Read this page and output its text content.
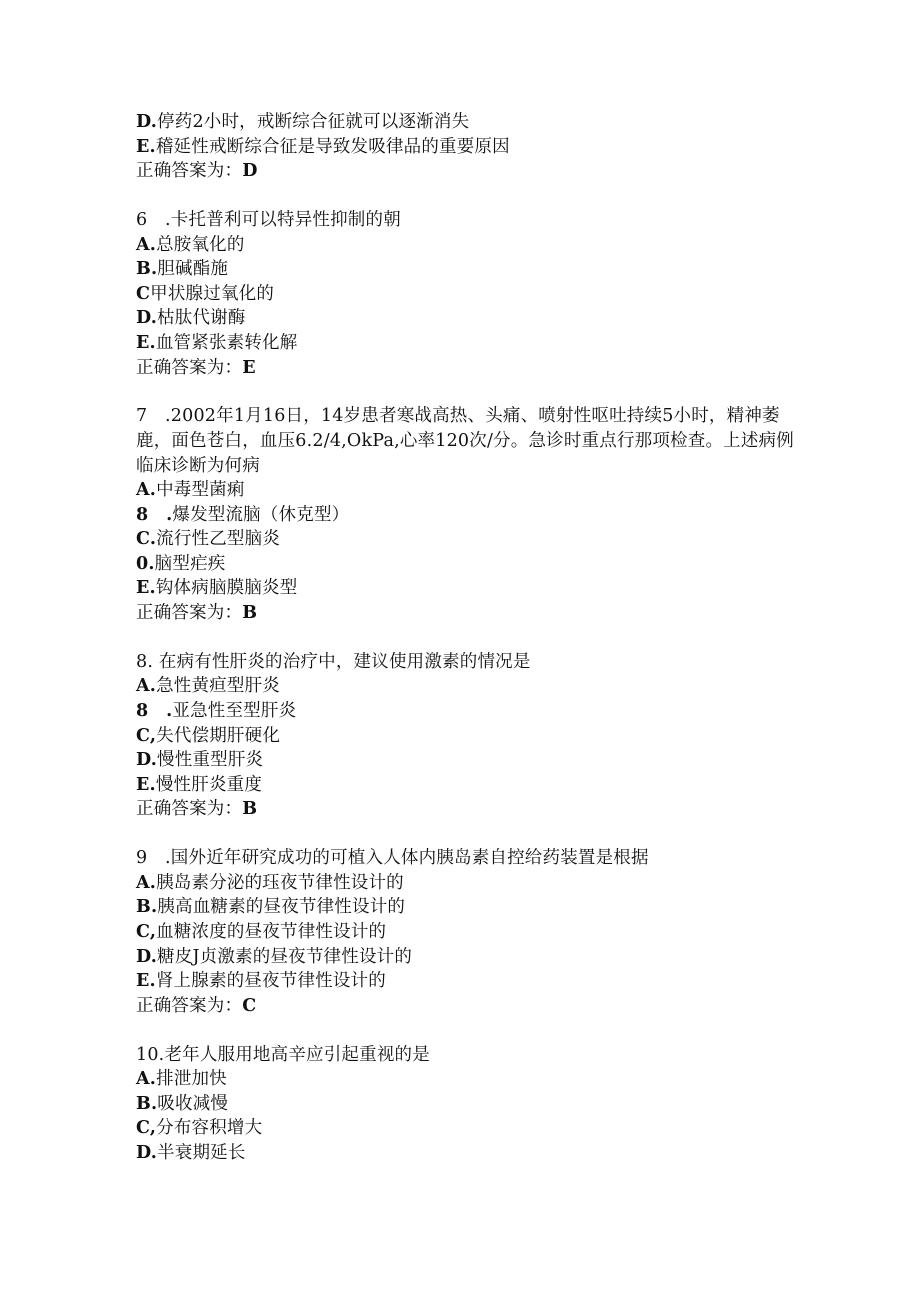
D.停药2小时，戒断综合征就可以逐渐消失
E.稽延性戒断综合征是导致发吸律品的重要原因
正确答案为：D
6　.卡托普利可以特异性抑制的朝
A.总胺氧化的
B.胆碱酯施
C甲状腺过氧化的
D.枯肽代谢酶
E.血管紧张素转化解
正确答案为：E
7　.2002年1月16日，14岁患者寒战高热、头痛、喷射性呕吐持续5小时，精神萎鹿，面色苍白，血压6.2/4,OkPa,心率120次/分。急诊时重点行那项检查。上述病例临床诊断为何病
A.中毒型菌痢
8　.爆发型流脑（休克型）
C.流行性乙型脑炎
0.脑型疟疾
E.钩体病脑膜脑炎型
正确答案为：B
8. 在病有性肝炎的治疗中，建议使用激素的情况是
A.急性黄疸型肝炎
8　.亚急性至型肝炎
C,失代偿期肝硬化
D.慢性重型肝炎
E.慢性肝炎重度
正确答案为：B
9　.国外近年研究成功的可植入人体内胰岛素自控给药装置是根据
A.胰岛素分泌的珏夜节律性设计的
B.胰高血糖素的昼夜节律性设计的
C,血糖浓度的昼夜节律性设计的
D.糖皮J贞激素的昼夜节律性设计的
E.肾上腺素的昼夜节律性设计的
正确答案为：C
10.老年人服用地高辛应引起重视的是
A.排泄加快
B.吸收减慢
C,分布容积增大
D.半衰期延长
